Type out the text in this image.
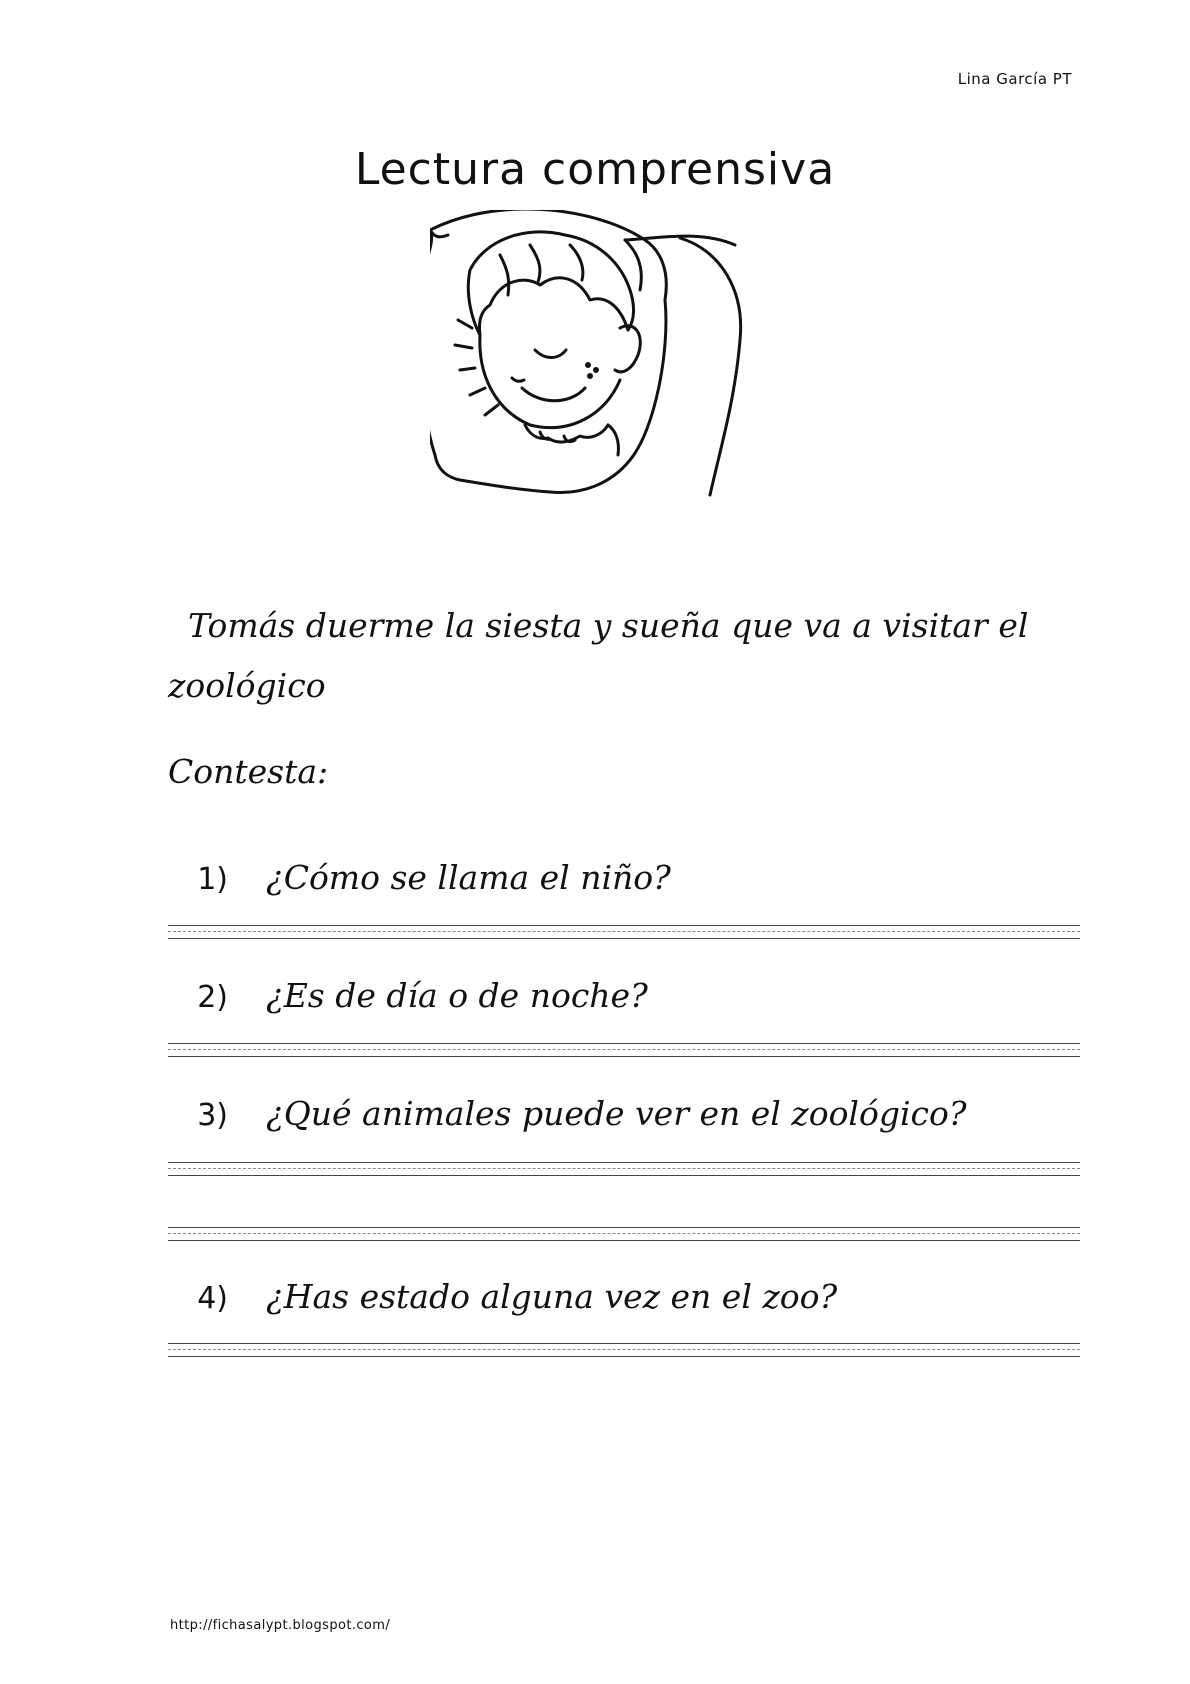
Lina García PT
Lectura comprensiva
Tomás duerme la siesta y sueña que va a visitar el
zoológico
Contesta:
1)	¿Cómo se llama el niño?
2)	¿Es de día o de noche?
3)	¿Qué animales puede ver en el zoológico?
4)	¿Has estado alguna vez en el zoo?
http://fichasalypt.blogspot.com/
